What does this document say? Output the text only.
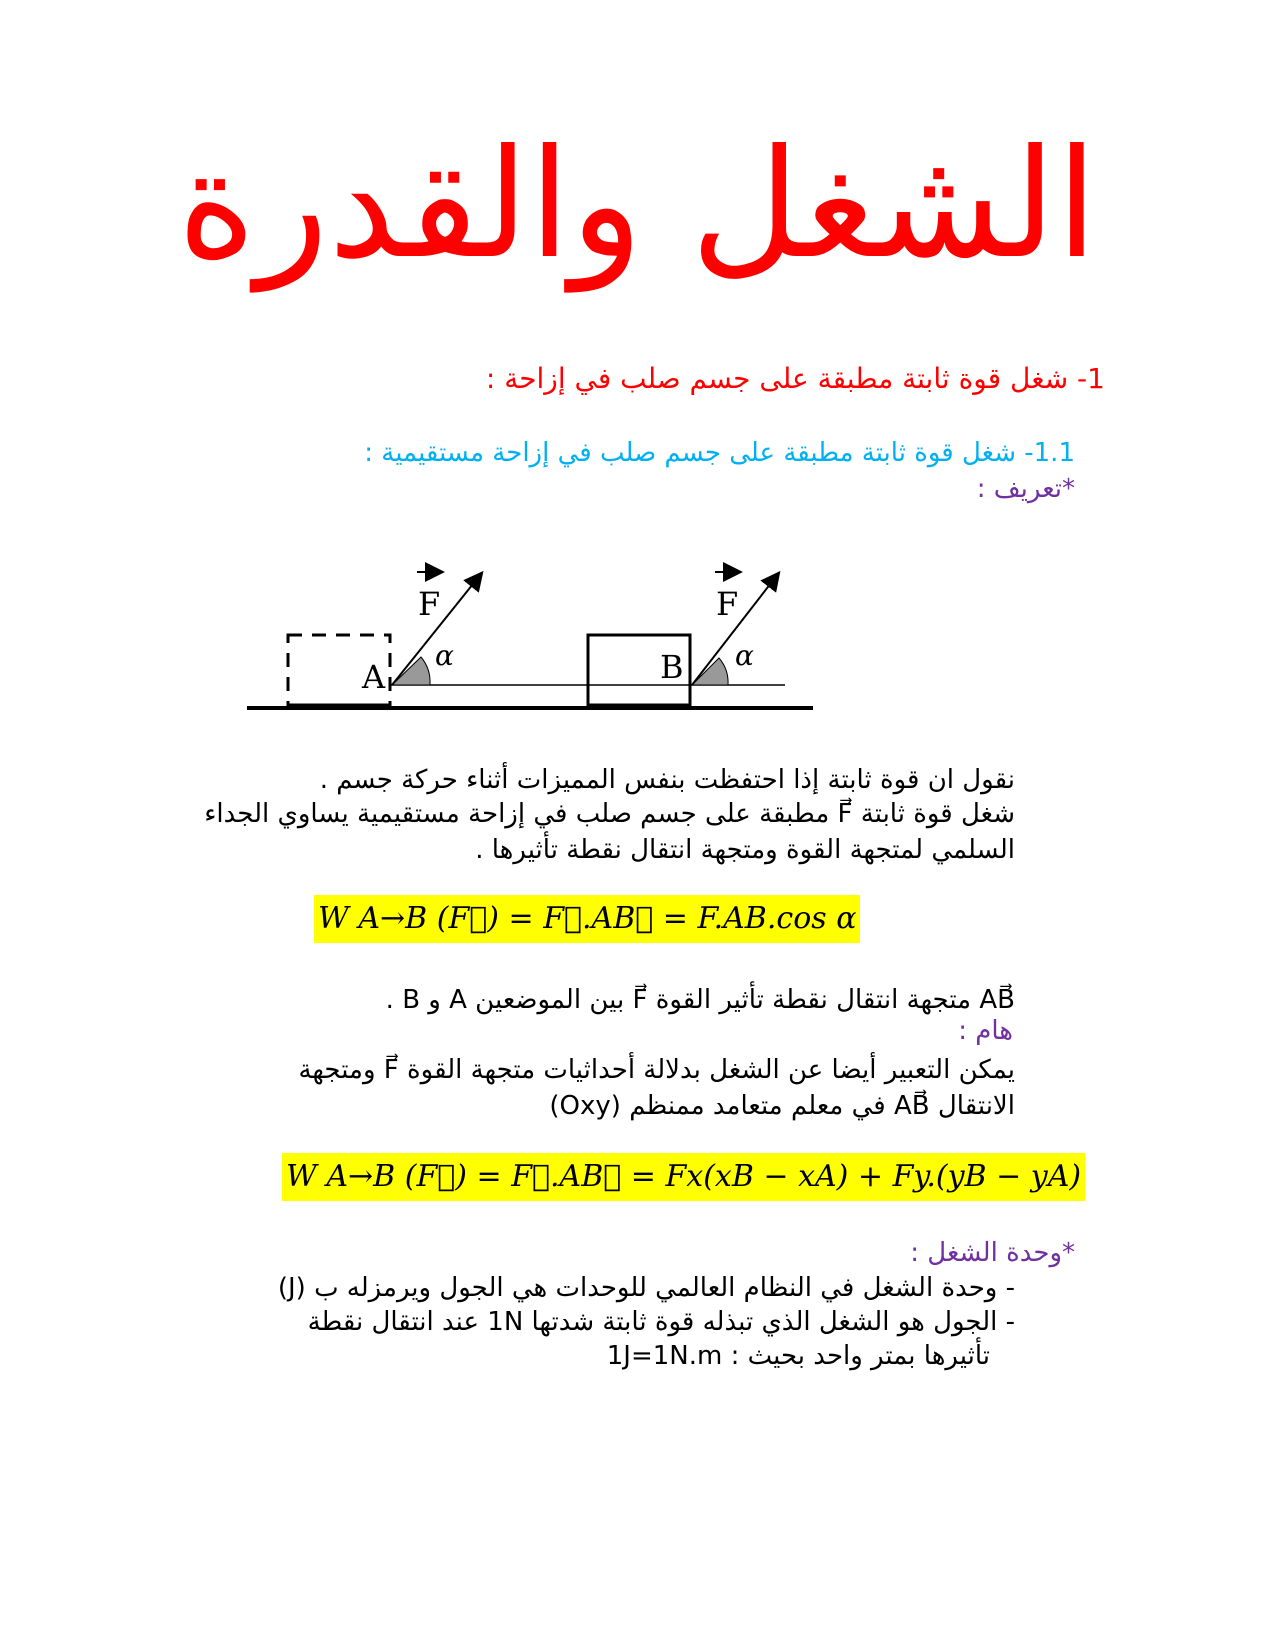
الشغل والقدرة
1- شغل قوة ثابتة مطبقة على جسم صلب في إزاحة :
1.1- شغل قوة ثابتة مطبقة على جسم صلب في إزاحة مستقيمية :
*تعريف :
A	B
F	F
α	α
نقول ان قوة ثابتة إذا احتفظت بنفس المميزات أثناء حركة جسم .
شغل قوة ثابتة F⃗ مطبقة على جسم صلب في إزاحة مستقيمية يساوي الجداء
السلمي لمتجهة القوة ومتجهة انتقال نقطة تأثيرها .
W A→B (F⃗) = F⃗.AB⃗ = F.AB.cos α
AB⃗ متجهة انتقال نقطة تأثير القوة F⃗ بين الموضعين A و B .
هام :
يمكن التعبير أيضا عن الشغل بدلالة أحداثيات متجهة القوة F⃗ ومتجهة
الانتقال AB⃗ في معلم متعامد ممنظم (Oxy)
W A→B (F⃗) = F⃗.AB⃗ = Fx(xB − xA) + Fy.(yB − yA)
*وحدة الشغل :
- وحدة الشغل في النظام العالمي للوحدات هي الجول ويرمزله ب (J)
- الجول هو الشغل الذي تبذله قوة ثابتة شدتها 1N عند انتقال نقطة
تأثيرها بمتر واحد بحيث : 1J=1N.m
